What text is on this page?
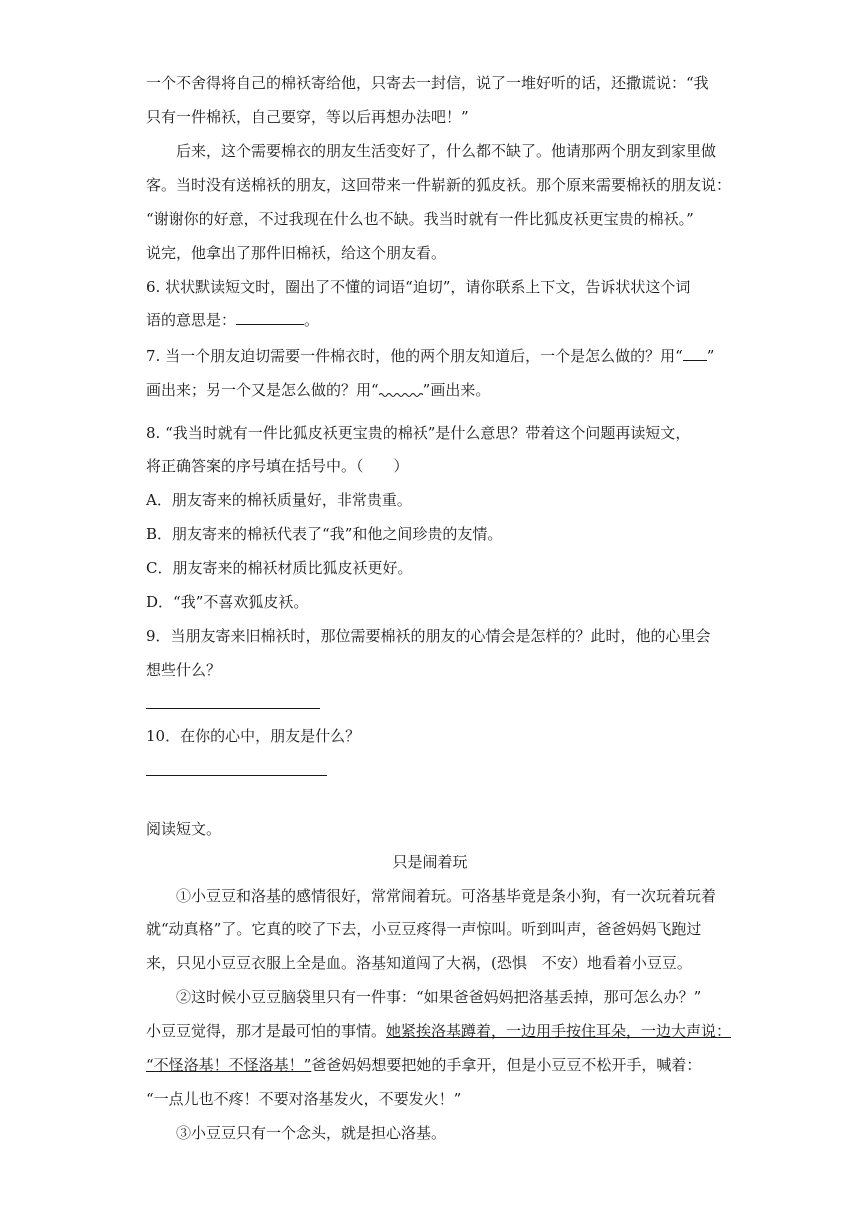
一个不舍得将自己的棉袄寄给他，只寄去一封信，说了一堆好听的话，还撒谎说：“我
只有一件棉袄，自己要穿，等以后再想办法吧！”
后来，这个需要棉衣的朋友生活变好了，什么都不缺了。他请那两个朋友到家里做
客。当时没有送棉袄的朋友，这回带来一件崭新的狐皮袄。那个原来需要棉袄的朋友说：
“谢谢你的好意，不过我现在什么也不缺。我当时就有一件比狐皮袄更宝贵的棉袄。”
说完，他拿出了那件旧棉袄，给这个朋友看。
6. 状状默读短文时，圈出了不懂的词语“迫切”，请你联系上下文，告诉状状这个词
语的意思是：	。
7. 当一个朋友迫切需要一件棉衣时，他的两个朋友知道后，一个是怎么做的？用“ ”
画出来；另一个又是怎么做的？用“	”画出来。
8. “我当时就有一件比狐皮袄更宝贵的棉袄”是什么意思？带着这个问题再读短文，
将正确答案的序号填在括号中。（　　）
A．朋友寄来的棉袄质量好，非常贵重。
B．朋友寄来的棉袄代表了“我”和他之间珍贵的友情。
C．朋友寄来的棉袄材质比狐皮袄更好。
D．“我”不喜欢狐皮袄。
9．当朋友寄来旧棉袄时，那位需要棉袄的朋友的心情会是怎样的？此时，他的心里会
想些什么？
10．在你的心中，朋友是什么？
阅读短文。
只是闹着玩
①小豆豆和洛基的感情很好，常常闹着玩。可洛基毕竟是条小狗，有一次玩着玩着
就“动真格”了。它真的咬了下去，小豆豆疼得一声惊叫。听到叫声，爸爸妈妈飞跑过
来，只见小豆豆衣服上全是血。洛基知道闯了大祸，(恐惧　不安）地看着小豆豆。
②这时候小豆豆脑袋里只有一件事：“如果爸爸妈妈把洛基丢掉，那可怎么办？”
小豆豆觉得，那才是最可怕的事情。她紧挨洛基蹲着，一边用手按住耳朵，一边大声说：
“不怪洛基！不怪洛基！”爸爸妈妈想要把她的手拿开，但是小豆豆不松开手，喊着：
“一点儿也不疼！不要对洛基发火，不要发火！”
③小豆豆只有一个念头，就是担心洛基。
